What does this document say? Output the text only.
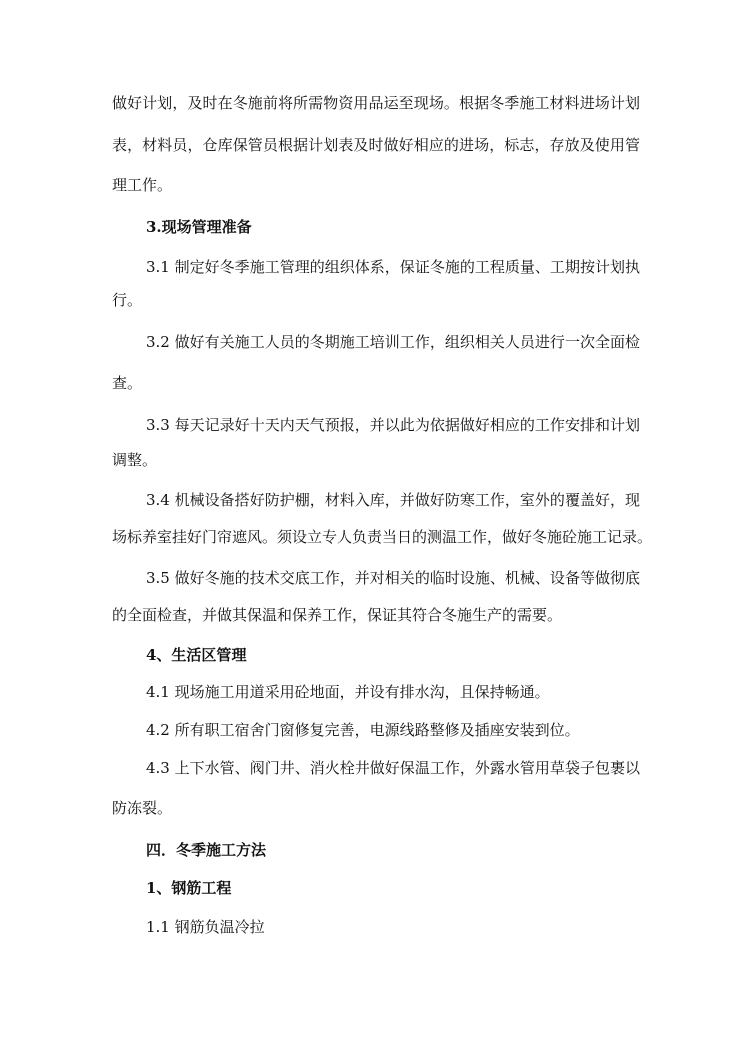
做好计划，及时在冬施前将所需物资用品运至现场。根据冬季施工材料进场计划
表，材料员，仓库保管员根据计划表及时做好相应的进场，标志，存放及使用管
理工作。
3.现场管理准备
3.1 制定好冬季施工管理的组织体系，保证冬施的工程质量、工期按计划执
行。
3.2 做好有关施工人员的冬期施工培训工作，组织相关人员进行一次全面检
查。
3.3 每天记录好十天内天气预报，并以此为依据做好相应的工作安排和计划
调整。
3.4 机械设备搭好防护棚，材料入库，并做好防寒工作，室外的覆盖好，现
场标养室挂好门帘遮风。须设立专人负责当日的测温工作，做好冬施砼施工记录。
3.5 做好冬施的技术交底工作，并对相关的临时设施、机械、设备等做彻底
的全面检查，并做其保温和保养工作，保证其符合冬施生产的需要。
4、生活区管理
4.1 现场施工用道采用砼地面，并设有排水沟，且保持畅通。
4.2 所有职工宿舍门窗修复完善，电源线路整修及插座安装到位。
4.3 上下水管、阀门井、消火栓井做好保温工作，外露水管用草袋子包裹以
防冻裂。
四．冬季施工方法
1、钢筋工程
1.1 钢筋负温冷拉
